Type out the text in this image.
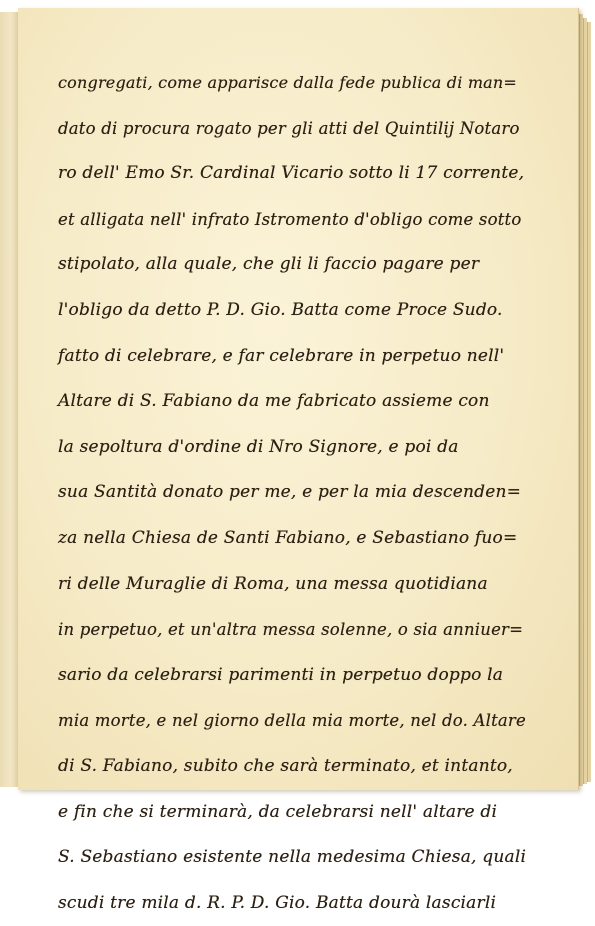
congregati, come apparisce dalla fede publica di man=
dato di procura rogato per gli atti del Quintilij Notaro
ro dell' Emo Sr. Cardinal Vicario sotto li 17 corrente,
et alligata nell' infrato Istromento d'obligo come sotto
stipolato, alla quale, che gli li faccio pagare per
l'obligo da detto P. D. Gio. Batta come Proce Sudo.
fatto di celebrare, e far celebrare in perpetuo nell'
Altare di S. Fabiano da me fabricato assieme con
la sepoltura d'ordine di Nro Signore, e poi da
sua Santità donato per me, e per la mia descenden=
za nella Chiesa de Santi Fabiano, e Sebastiano fuo=
ri delle Muraglie di Roma, una messa quotidiana
in perpetuo, et un'altra messa solenne, o sia anniuer=
sario da celebrarsi parimenti in perpetuo doppo la
mia morte, e nel giorno della mia morte, nel do. Altare
di S. Fabiano, subito che sarà terminato, et intanto,
e fin che si terminarà, da celebrarsi nell' altare di
S. Sebastiano esistente nella medesima Chiesa, quali
scudi tre mila d. R. P. D. Gio. Batta dourà lasciarli
